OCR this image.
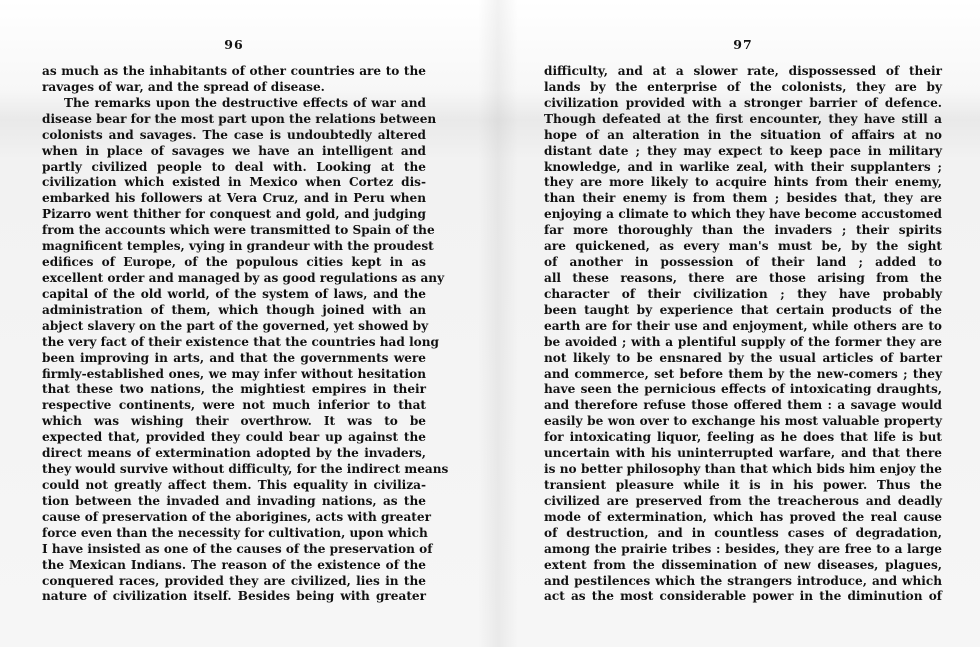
96
as much as the inhabitants of other countries are to the
ravages of war, and the spread of disease.
The remarks upon the destructive effects of war and
disease bear for the most part upon the relations between
colonists and savages. The case is undoubtedly altered
when in place of savages we have an intelligent and
partly civilized people to deal with. Looking at the
civilization which existed in Mexico when Cortez dis-
embarked his followers at Vera Cruz, and in Peru when
Pizarro went thither for conquest and gold, and judging
from the accounts which were transmitted to Spain of the
magnificent temples, vying in grandeur with the proudest
edifices of Europe, of the populous cities kept in as
excellent order and managed by as good regulations as any
capital of the old world, of the system of laws, and the
administration of them, which though joined with an
abject slavery on the part of the governed, yet showed by
the very fact of their existence that the countries had long
been improving in arts, and that the governments were
firmly-established ones, we may infer without hesitation
that these two nations, the mightiest empires in their
respective continents, were not much inferior to that
which was wishing their overthrow. It was to be
expected that, provided they could bear up against the
direct means of extermination adopted by the invaders,
they would survive without difficulty, for the indirect means
could not greatly affect them. This equality in civiliza-
tion between the invaded and invading nations, as the
cause of preservation of the aborigines, acts with greater
force even than the necessity for cultivation, upon which
I have insisted as one of the causes of the preservation of
the Mexican Indians. The reason of the existence of the
conquered races, provided they are civilized, lies in the
nature of civilization itself. Besides being with greater
97
difficulty, and at a slower rate, dispossessed of their
lands by the enterprise of the colonists, they are by
civilization provided with a stronger barrier of defence.
Though defeated at the first encounter, they have still a
hope of an alteration in the situation of affairs at no
distant date ; they may expect to keep pace in military
knowledge, and in warlike zeal, with their supplanters ;
they are more likely to acquire hints from their enemy,
than their enemy is from them ; besides that, they are
enjoying a climate to which they have become accustomed
far more thoroughly than the invaders ; their spirits
are quickened, as every man's must be, by the sight
of another in possession of their land ; added to
all these reasons, there are those arising from the
character of their civilization ; they have probably
been taught by experience that certain products of the
earth are for their use and enjoyment, while others are to
be avoided ; with a plentiful supply of the former they are
not likely to be ensnared by the usual articles of barter
and commerce, set before them by the new-comers ; they
have seen the pernicious effects of intoxicating draughts,
and therefore refuse those offered them : a savage would
easily be won over to exchange his most valuable property
for intoxicating liquor, feeling as he does that life is but
uncertain with his uninterrupted warfare, and that there
is no better philosophy than that which bids him enjoy the
transient pleasure while it is in his power. Thus the
civilized are preserved from the treacherous and deadly
mode of extermination, which has proved the real cause
of destruction, and in countless cases of degradation,
among the prairie tribes : besides, they are free to a large
extent from the dissemination of new diseases, plagues,
and pestilences which the strangers introduce, and which
act as the most considerable power in the diminution of
